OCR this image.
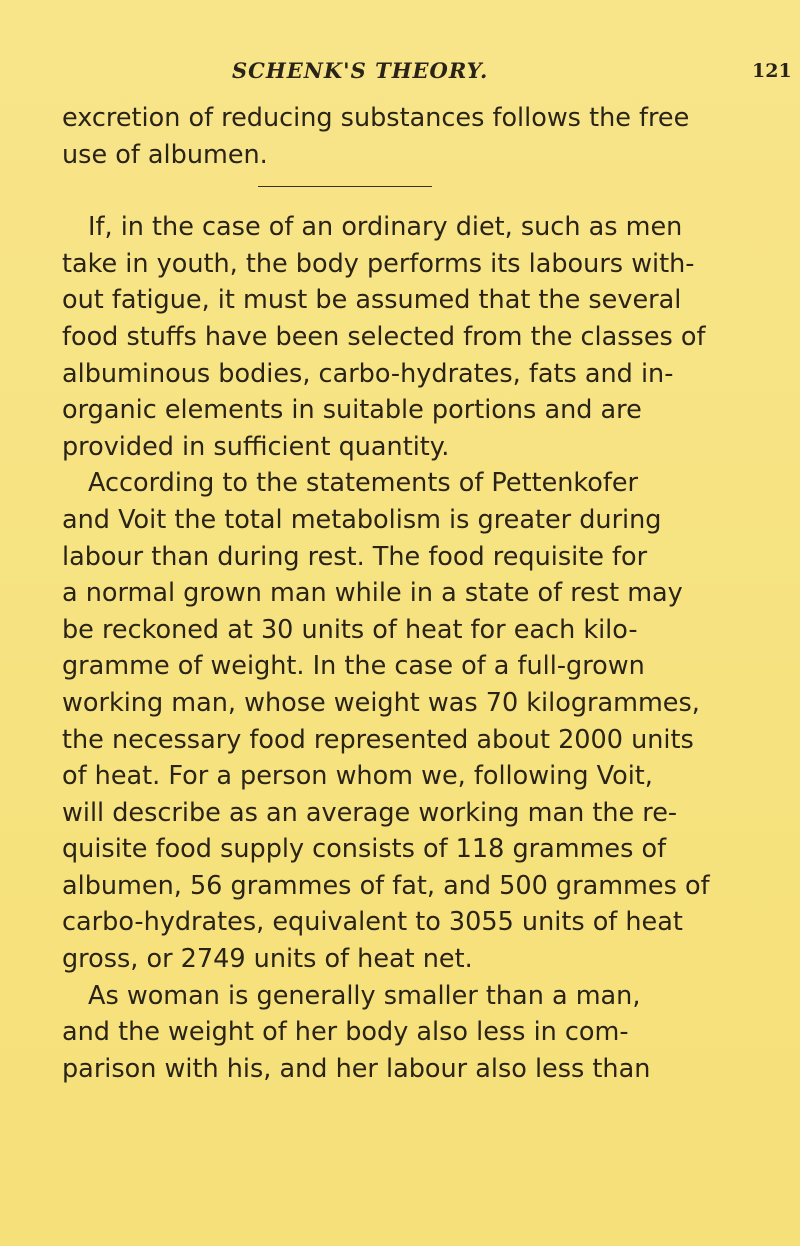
SCHENK'S THEORY.	121
excretion of reducing substances follows the free
use of albumen.
If, in the case of an ordinary diet, such as men
take in youth, the body performs its labours with-
out fatigue, it must be assumed that the several
food stuffs have been selected from the classes of
albuminous bodies, carbo-hydrates, fats and in-
organic elements in suitable portions and are
provided in sufficient quantity.
According to the statements of Pettenkofer
and Voit the total metabolism is greater during
labour than during rest. The food requisite for
a normal grown man while in a state of rest may
be reckoned at 30 units of heat for each kilo-
gramme of weight. In the case of a full-grown
working man, whose weight was 70 kilogrammes,
the necessary food represented about 2000 units
of heat. For a person whom we, following Voit,
will describe as an average working man the re-
quisite food supply consists of 118 grammes of
albumen, 56 grammes of fat, and 500 grammes of
carbo-hydrates, equivalent to 3055 units of heat
gross, or 2749 units of heat net.
As woman is generally smaller than a man,
and the weight of her body also less in com-
parison with his, and her labour also less than
